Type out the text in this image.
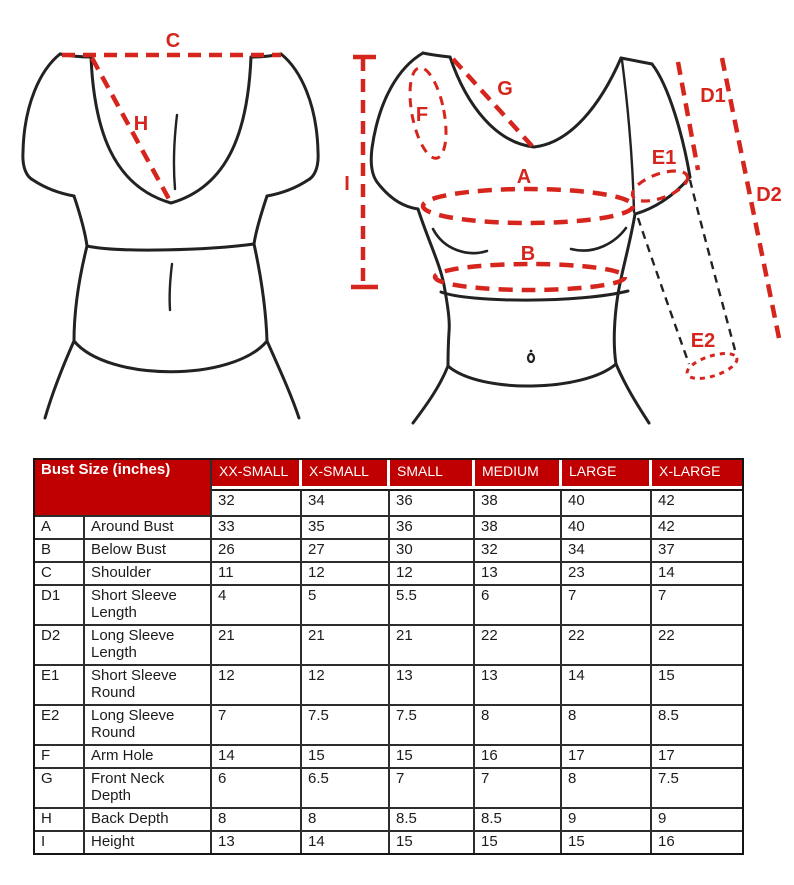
C
H
I
G
F
A
B
E1
D1
D2
E2
Bust Size (inches)		XX-SMALL	X-SMALL	SMALL	MEDIUM	LARGE	X-LARGE
		32	34	36	38	40	42
A	Around Bust	33	35	36	38	40	42
B	Below Bust	26	27	30	32	34	37
C	Shoulder	11	12	12	13	23	14
D1	Short Sleeve Length	4	5	5.5	6	7	7
D2	Long Sleeve Length	21	21	21	22	22	22
E1	Short Sleeve Round	12	12	13	13	14	15
E2	Long Sleeve Round	7	7.5	7.5	8	8	8.5
F	Arm Hole	14	15	15	16	17	17
G	Front Neck Depth	6	6.5	7	7	8	7.5
H	Back Depth	8	8	8.5	8.5	9	9
I	Height	13	14	15	15	15	16
